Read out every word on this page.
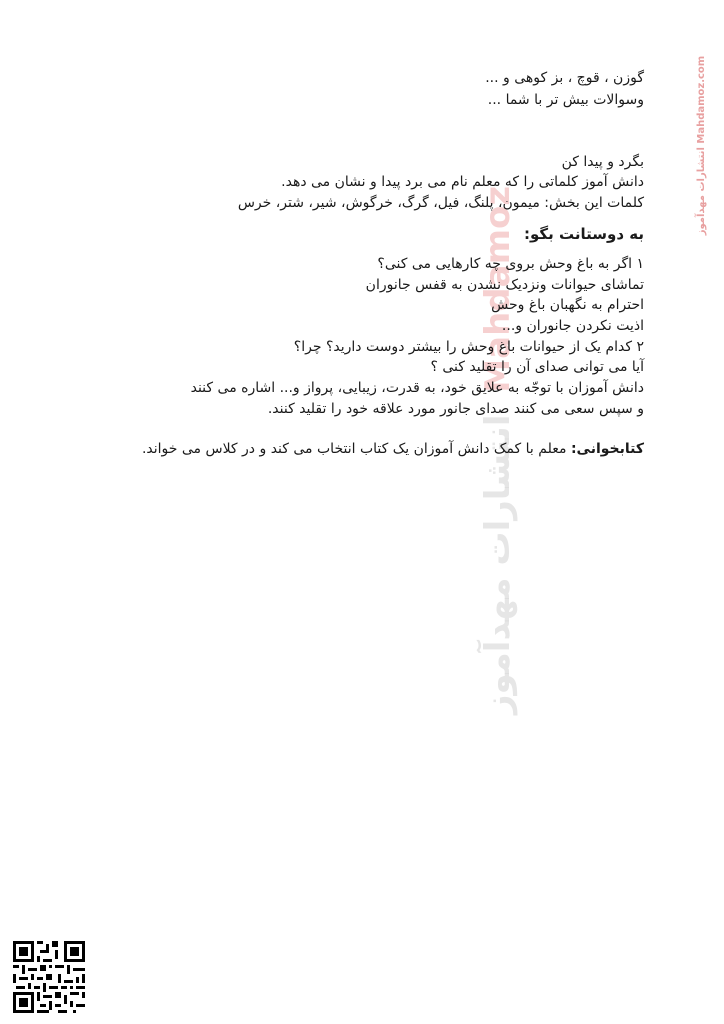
انتشارات مهدآموز Mahdamoz	انتشارات مهدآموز Mahdamoz.com
گوزن ، قوچ ، بز کوهی و ...
وسوالات بیش تر با شما ...
بگرد و پیدا کن
دانش آموز کلماتی را که معلم نام می برد پیدا و نشان می دهد.
کلمات این بخش: میمون، پلنگ، فیل، گرگ، خرگوش، شیر، شتر، خرس
به دوستانت بگو:
۱ اگر به باغ وحش بروی چه کارهایی می کنی؟
تماشای حیوانات ونزدیک نشدن به قفس جانوران
احترام به نگهبان باغ وحش
اذیت نکردن جانوران و...
۲ کدام یک از حیوانات باغ وحش را بیشتر دوست دارید؟ چرا؟
آیا می توانی صدای آن را تقلید کنی ؟
دانش آموزان با توجّه به علایق خود، به قدرت، زیبایی، پرواز و... اشاره می کنند
و سپس سعی می کنند صدای جانور مورد علاقه خود را تقلید کنند.
کتابخوانی: معلم با کمک دانش آموزان یک کتاب انتخاب می کند و در کلاس می خواند.
